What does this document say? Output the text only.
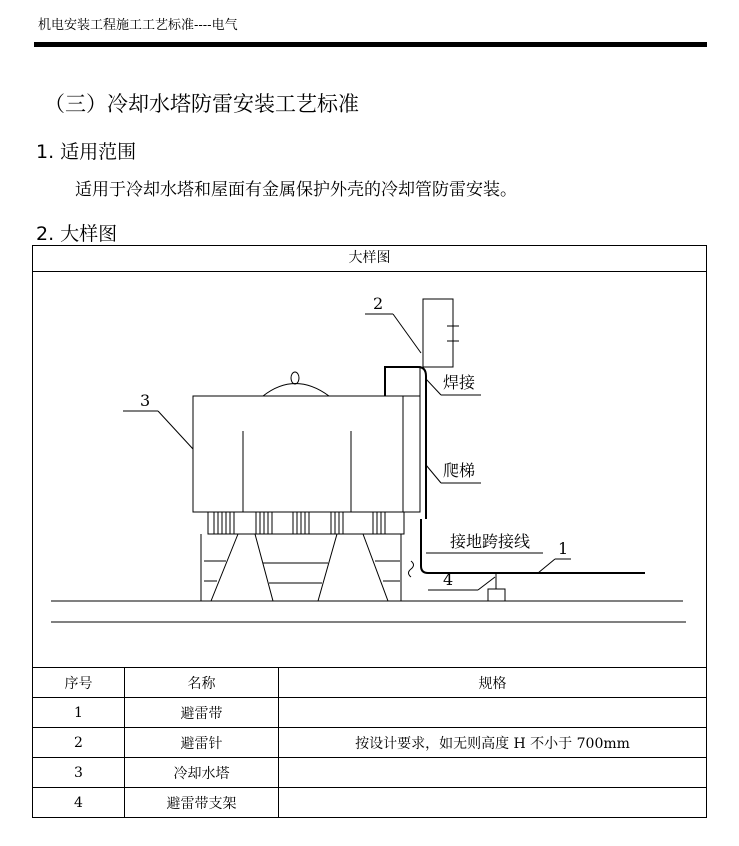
机电安装工程施工工艺标准----电气
（三）冷却水塔防雷安装工艺标准
1. 适用范围
适用于冷却水塔和屋面有金属保护外壳的冷却管防雷安装。
2. 大样图
大样图
2
3
焊接
爬梯
接地跨接线 1
4
序号	名称	规格
1	避雷带	
2	避雷针	按设计要求，如无则高度 H 不小于 700mm
3	冷却水塔	
4	避雷带支架	
